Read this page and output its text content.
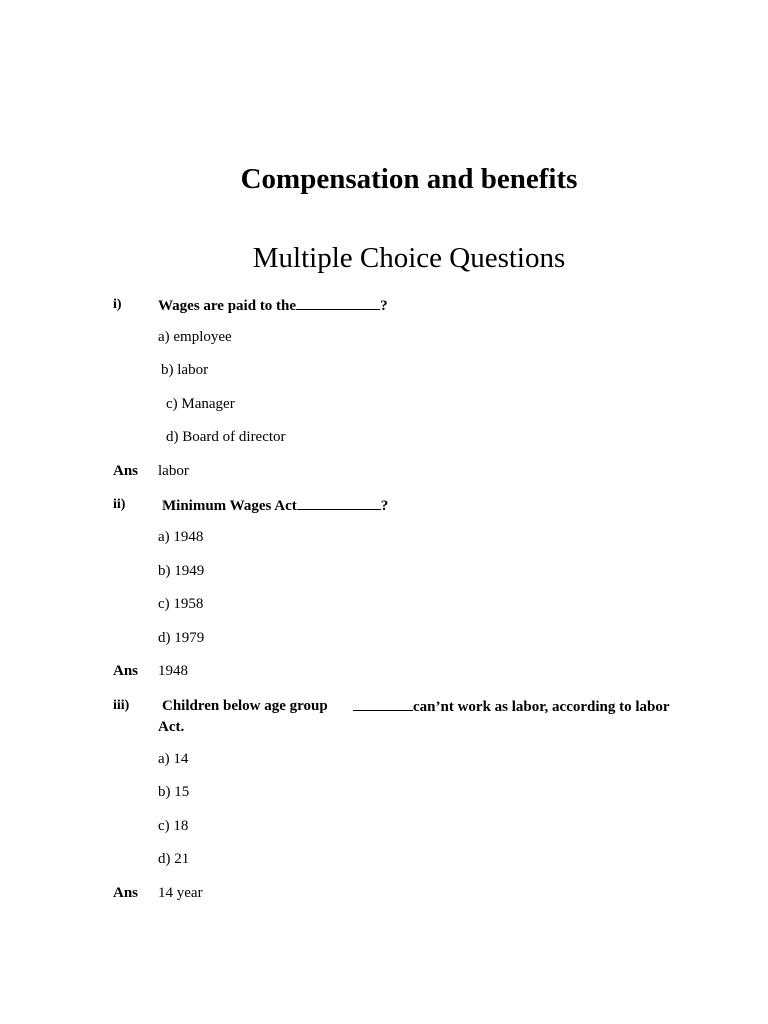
Compensation and benefits
Multiple Choice Questions
i) Wages are paid to the	?
a) employee
b) labor
c) Manager
d) Board of director
Ans labor
ii) Minimum Wages Act	?
a) 1948
b) 1949
c) 1958
d) 1979
Ans 1948
iii) Children below age group	can’nt work as labor, according to labor
Act.
a) 14
b) 15
c) 18
d) 21
Ans 14 year
